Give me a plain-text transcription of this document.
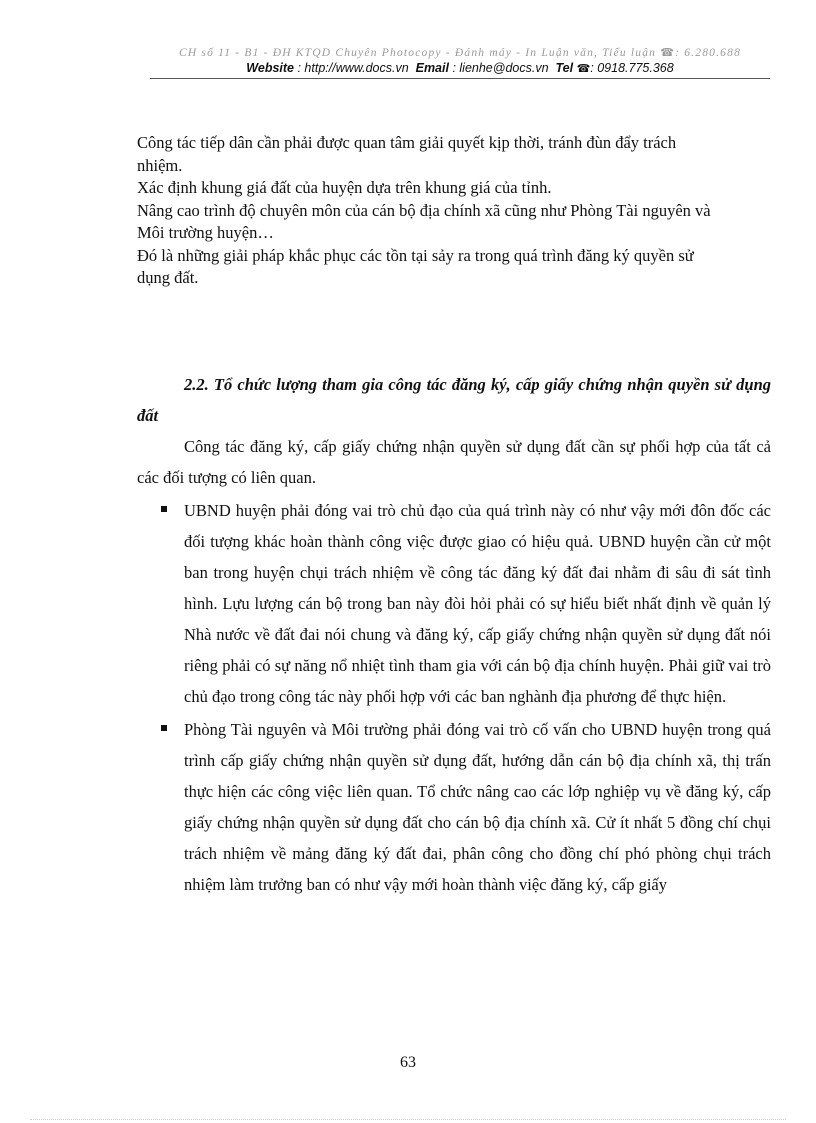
CH số 11 - B1 - ĐH KTQD Chuyên Photocopy - Đánh máy - In Luận văn, Tiểu luận ☎: 6.280.688
Website : http://www.docs.vn Email : lienhe@docs.vn Tel ☎: 0918.775.368

Công tác tiếp dân cần phải được quan tâm giải quyết kịp thời, tránh đùn đẩy trách nhiệm.

Xác định khung giá đất của huyện dựa trên khung giá của tỉnh.

Nâng cao trình độ chuyên môn của cán bộ địa chính xã cũng như Phòng Tài nguyên và Môi trường huyện…

Đó là những giải pháp khắc phục các tồn tại sảy ra trong quá trình đăng ký quyền sử dụng đất.

2.2. Tổ chức lượng tham gia công tác đăng ký, cấp giấy chứng nhận quyền sử dụng đất

Công tác đăng ký, cấp giấy chứng nhận quyền sử dụng đất cần sự phối hợp của tất cả các đối tượng có liên quan.

UBND huyện phải đóng vai trò chủ đạo của quá trình này có như vậy mới đôn đốc các đối tượng khác hoàn thành công việc được giao có hiệu quả. UBND huyện cần cử một ban trong huyện chụi trách nhiệm về công tác đăng ký đất đai nhằm đi sâu đi sát tình hình. Lựu lượng cán bộ trong ban này đòi hỏi phải có sự hiểu biết nhất định về quản lý Nhà nước về đất đai nói chung và đăng ký, cấp giấy chứng nhận quyền sử dụng đất nói riêng phải có sự năng nổ nhiệt tình tham gia với cán bộ địa chính huyện. Phải giữ vai trò chủ đạo trong công tác này phối hợp với các ban nghành địa phương để thực hiện.
Phòng Tài nguyên và Môi trường phải đóng vai trò cố vấn cho UBND huyện trong quá trình cấp giấy chứng nhận quyền sử dụng đất, hướng dẫn cán bộ địa chính xã, thị trấn thực hiện các công việc liên quan. Tổ chức nâng cao các lớp nghiệp vụ về đăng ký, cấp giấy chứng nhận quyền sử dụng đất cho cán bộ địa chính xã. Cử ít nhất 5 đồng chí chụi trách nhiệm về mảng đăng ký đất đai, phân công cho đồng chí phó phòng chụi trách nhiệm làm trưởng ban có như vậy mới hoàn thành việc đăng ký, cấp giấy
63
